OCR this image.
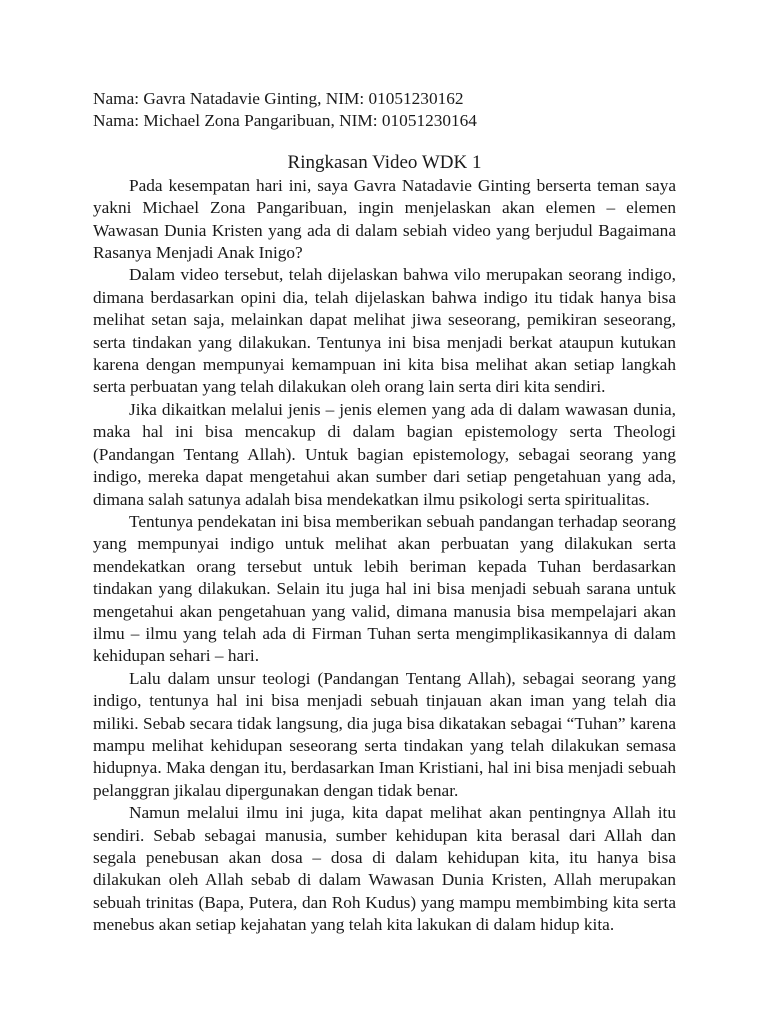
Nama: Gavra Natadavie Ginting, NIM: 01051230162

Nama: Michael Zona Pangaribuan, NIM: 01051230164

Ringkasan Video WDK 1

Pada kesempatan hari ini, saya Gavra Natadavie Ginting berserta teman saya yakni Michael Zona Pangaribuan, ingin menjelaskan akan elemen – elemen Wawasan Dunia Kristen yang ada di dalam sebiah video yang berjudul Bagaimana Rasanya Menjadi Anak Inigo?

Dalam video tersebut, telah dijelaskan bahwa vilo merupakan seorang indigo, dimana berdasarkan opini dia, telah dijelaskan bahwa indigo itu tidak hanya bisa melihat setan saja, melainkan dapat melihat jiwa seseorang, pemikiran seseorang, serta tindakan yang dilakukan. Tentunya ini bisa menjadi berkat ataupun kutukan karena dengan mempunyai kemampuan ini kita bisa melihat akan setiap langkah serta perbuatan yang telah dilakukan oleh orang lain serta diri kita sendiri.

Jika dikaitkan melalui jenis – jenis elemen yang ada di dalam wawasan dunia, maka hal ini bisa mencakup di dalam bagian epistemology serta Theologi (Pandangan Tentang Allah). Untuk bagian epistemology, sebagai seorang yang indigo, mereka dapat mengetahui akan sumber dari setiap pengetahuan yang ada, dimana salah satunya adalah bisa mendekatkan ilmu psikologi serta spiritualitas.

Tentunya pendekatan ini bisa memberikan sebuah pandangan terhadap seorang yang mempunyai indigo untuk melihat akan perbuatan yang dilakukan serta mendekatkan orang tersebut untuk lebih beriman kepada Tuhan berdasarkan tindakan yang dilakukan. Selain itu juga hal ini bisa menjadi sebuah sarana untuk mengetahui akan pengetahuan yang valid, dimana manusia bisa mempelajari akan ilmu – ilmu yang telah ada di Firman Tuhan serta mengimplikasikannya di dalam kehidupan sehari – hari.

Lalu dalam unsur teologi (Pandangan Tentang Allah), sebagai seorang yang indigo, tentunya hal ini bisa menjadi sebuah tinjauan akan iman yang telah dia miliki. Sebab secara tidak langsung, dia juga bisa dikatakan sebagai “Tuhan” karena mampu melihat kehidupan seseorang serta tindakan yang telah dilakukan semasa hidupnya. Maka dengan itu, berdasarkan Iman Kristiani, hal ini bisa menjadi sebuah pelanggran jikalau dipergunakan dengan tidak benar.

Namun melalui ilmu ini juga, kita dapat melihat akan pentingnya Allah itu sendiri. Sebab sebagai manusia, sumber kehidupan kita berasal dari Allah dan segala penebusan akan dosa – dosa di dalam kehidupan kita, itu hanya bisa dilakukan oleh Allah sebab di dalam Wawasan Dunia Kristen, Allah merupakan sebuah trinitas (Bapa, Putera, dan Roh Kudus) yang mampu membimbing kita serta menebus akan setiap kejahatan yang telah kita lakukan di dalam hidup kita.
